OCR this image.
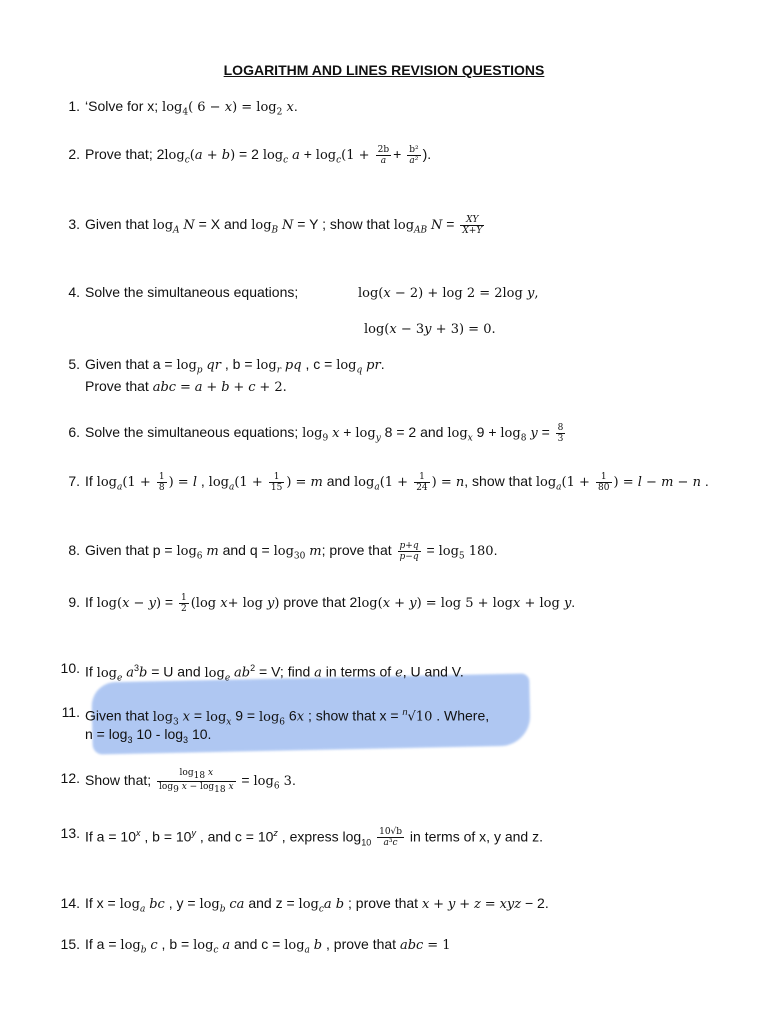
LOGARITHM AND LINES REVISION QUESTIONS
1. ‘Solve for x; $\log_4$( $6 - x) = \log_2 x$.
2. Prove that; $2\log_c(a + b) = 2$ $\log_c a + \log_c(1 + \frac{2b}{a} + \frac{\text{b²}}{\text{a²}}$ ).
3. Given that $\log_A N = X$ and $\log_B N = Y$ ; show that $\log_{AB} N = \frac{XY}{X+Y}$
4. Solve the simultaneous equations;	log(x − 2) + log 2 = 2log y,
log(x − 3y + 3) = 0.
5. Given that $a = \log_p$ qr , $b = \log_r$ pq , $c = \log_q$ pr.
Prove that abc = a + b + c + 2.
6. Solve the simultaneous equations; $\log_9 x + \log_y 8 = 2$ and $\log_x 9 + \log_8 y = \frac{8}{3}$
7. If $\log_a(1 + \frac{1}{8}$ ) = l , $\log_a(1 + \frac{1}{15}$ ) = m and $\log_a(1 + \frac{1}{24}$ ) = n, show that $\log_a(1 + \frac{1}{80}$ ) = l − m − n .
8. Given that $p = \log_6 m$ and $q = \log_{30} m$; prove that $\frac{p+q}{p-q} = \log_5 180$.
9. If $\log(x - y) = \frac{1}{2} (\log$ x+ log y) prove that 2log(x + y) = log 5 + logx + log y.
10. If $\log_e a^3b = U$ and $\log_e ab^2 = V$; find a in terms of e, U and V.
11. Given that $\log_3 x = \log_x 9 = \log_6 6x$ ; show that x = $^n$√10 . Where,
$n = \log_3 10 - \log_3 10$.
12. Show that; $\frac{\log_{18} x}{\log_9 x - \log_{18} x} = \log_6 3$.
13. If $a = 10^x$ , $b = 10^y$ , and $c = 10^z$ , express $\log_{10} \frac{10√b}{\text{a³c}}$ in terms of x, y and z.
14. If $x = \log_a$ bc , $y = \log_b$ ca and $z = \log_ca$ b ; prove that x + y + z = xyz − 2.
15. If $a = \log_b c$ , $b = \log_c a$ and $c = \log_a b$ , prove that abc = 1
